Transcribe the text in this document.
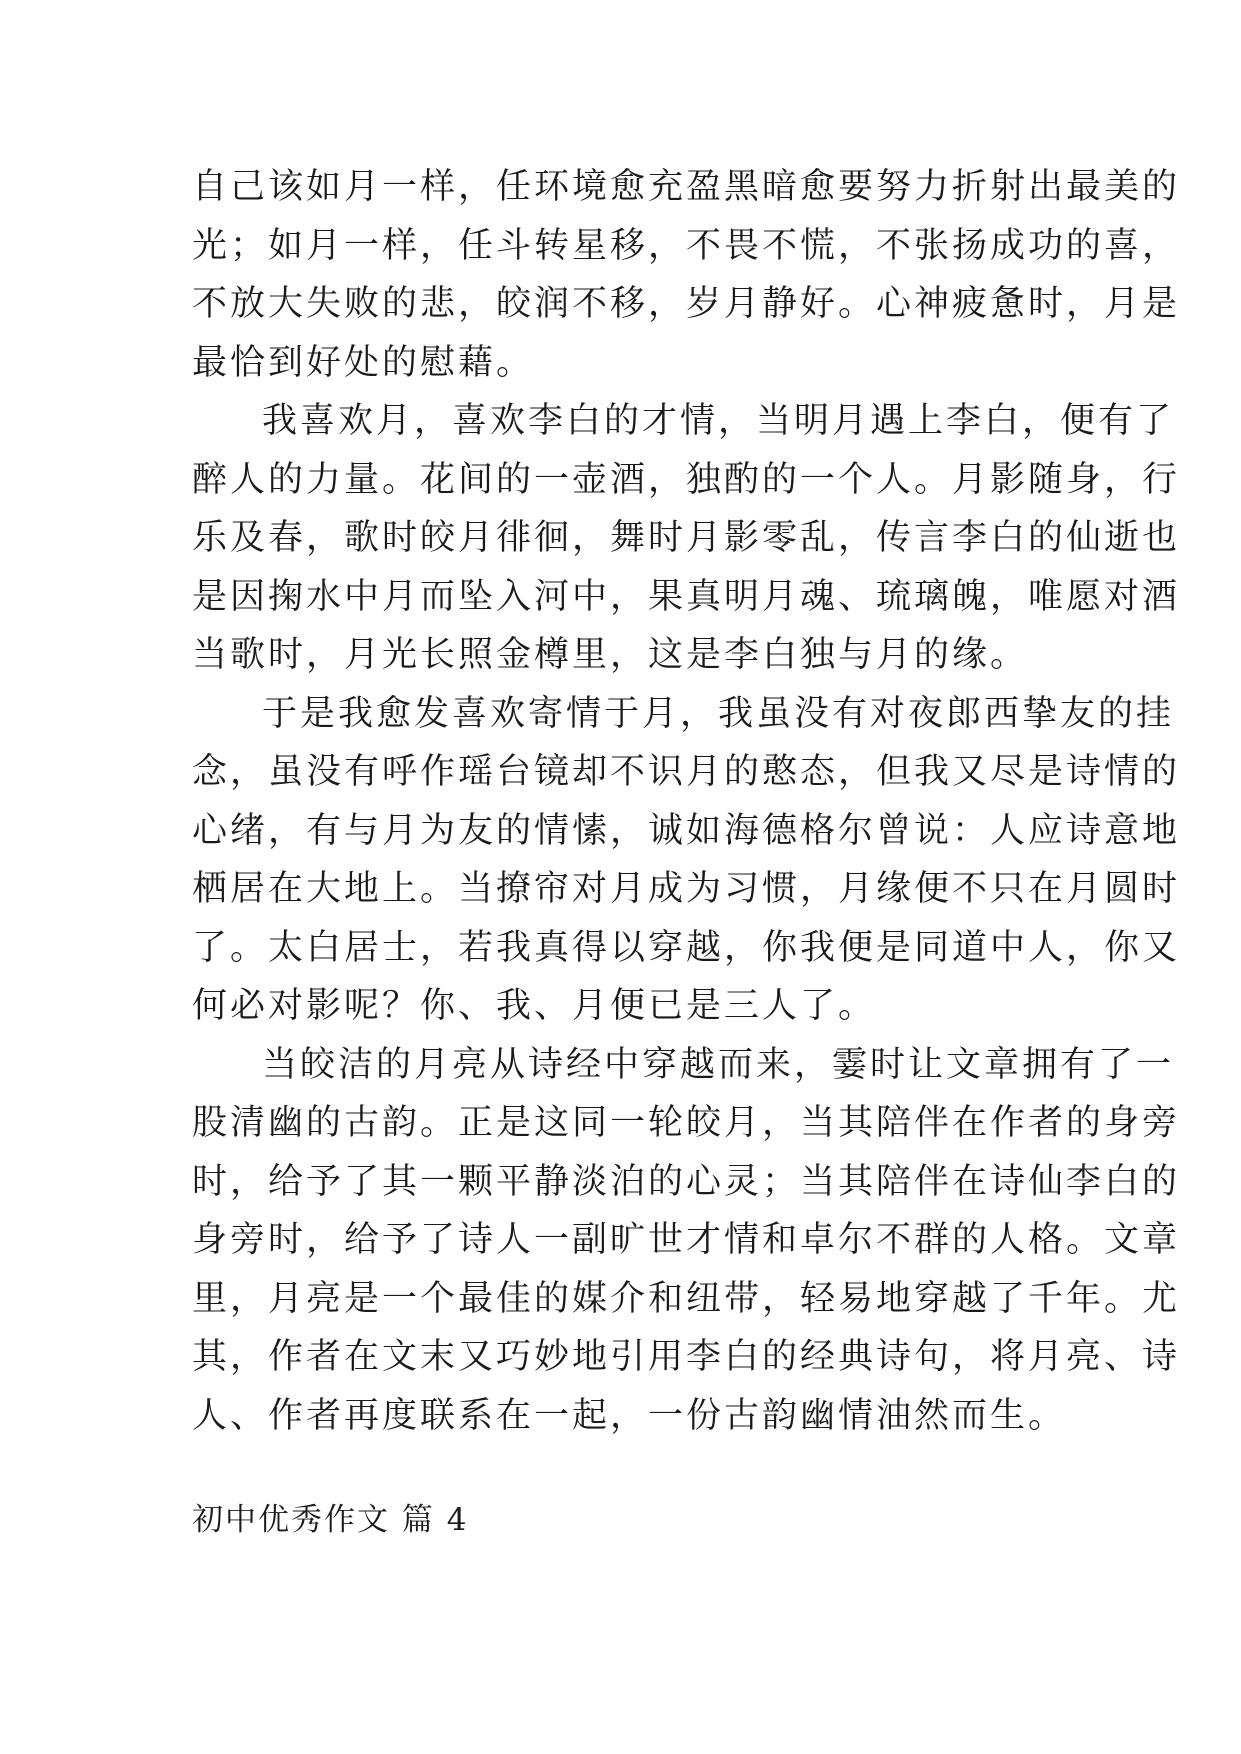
自己该如月一样，任环境愈充盈黑暗愈要努力折射出最美的
光；如月一样，任斗转星移，不畏不慌，不张扬成功的喜，
不放大失败的悲，皎润不移，岁月静好。心神疲惫时，月是
最恰到好处的慰藉。
我喜欢月，喜欢李白的才情，当明月遇上李白，便有了
醉人的力量。花间的一壶酒，独酌的一个人。月影随身，行
乐及春，歌时皎月徘徊，舞时月影零乱，传言李白的仙逝也
是因掬水中月而坠入河中，果真明月魂、琉璃魄，唯愿对酒
当歌时，月光长照金樽里，这是李白独与月的缘。
于是我愈发喜欢寄情于月，我虽没有对夜郎西挚友的挂
念，虽没有呼作瑶台镜却不识月的憨态，但我又尽是诗情的
心绪，有与月为友的情愫，诚如海德格尔曾说：人应诗意地
栖居在大地上。当撩帘对月成为习惯，月缘便不只在月圆时
了。太白居士，若我真得以穿越，你我便是同道中人，你又
何必对影呢？你、我、月便已是三人了。
当皎洁的月亮从诗经中穿越而来，霎时让文章拥有了一
股清幽的古韵。正是这同一轮皎月，当其陪伴在作者的身旁
时，给予了其一颗平静淡泊的心灵；当其陪伴在诗仙李白的
身旁时，给予了诗人一副旷世才情和卓尔不群的人格。文章
里，月亮是一个最佳的媒介和纽带，轻易地穿越了千年。尤
其，作者在文末又巧妙地引用李白的经典诗句，将月亮、诗
人、作者再度联系在一起，一份古韵幽情油然而生。
初中优秀作文 篇 4
